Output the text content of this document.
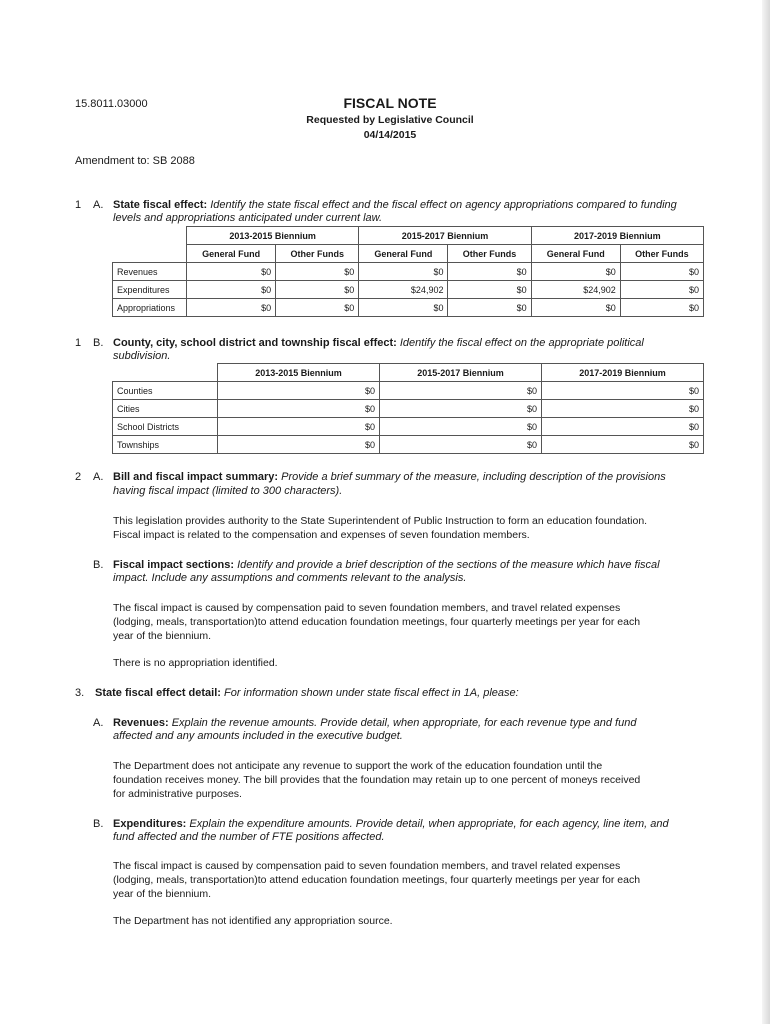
15.8011.03000	FISCAL NOTE
Requested by Legislative Council
04/14/2015
Amendment to: SB 2088
1 A. State fiscal effect: Identify the state fiscal effect and the fiscal effect on agency appropriations compared to funding
levels and appropriations anticipated under current law.
	2013-2015 Biennium		2015-2017 Biennium		2017-2019 Biennium	
	General Fund	Other Funds	General Fund	Other Funds	General Fund	Other Funds
Revenues	$0	$0	$0	$0	$0	$0
Expenditures	$0	$0	$24,902	$0	$24,902	$0
Appropriations	$0	$0	$0	$0	$0	$0
1 B. County, city, school district and township fiscal effect: Identify the fiscal effect on the appropriate political
subdivision.
	2013-2015 Biennium	2015-2017 Biennium	2017-2019 Biennium
Counties	$0	$0	$0
Cities	$0	$0	$0
School Districts	$0	$0	$0
Townships	$0	$0	$0
2 A. Bill and fiscal impact summary: Provide a brief summary of the measure, including description of the provisions
having fiscal impact (limited to 300 characters).
This legislation provides authority to the State Superintendent of Public Instruction to form an education foundation.
Fiscal impact is related to the compensation and expenses of seven foundation members.
B. Fiscal impact sections: Identify and provide a brief description of the sections of the measure which have fiscal
impact. Include any assumptions and comments relevant to the analysis.
The fiscal impact is caused by compensation paid to seven foundation members, and travel related expenses
(lodging, meals, transportation)to attend education foundation meetings, four quarterly meetings per year for each
year of the biennium.
There is no appropriation identified.
3. State fiscal effect detail: For information shown under state fiscal effect in 1A, please:
A. Revenues: Explain the revenue amounts. Provide detail, when appropriate, for each revenue type and fund
affected and any amounts included in the executive budget.
The Department does not anticipate any revenue to support the work of the education foundation until the
foundation receives money. The bill provides that the foundation may retain up to one percent of moneys received
for administrative purposes.
B. Expenditures: Explain the expenditure amounts. Provide detail, when appropriate, for each agency, line item, and
fund affected and the number of FTE positions affected.
The fiscal impact is caused by compensation paid to seven foundation members, and travel related expenses
(lodging, meals, transportation)to attend education foundation meetings, four quarterly meetings per year for each
year of the biennium.
The Department has not identified any appropriation source.
